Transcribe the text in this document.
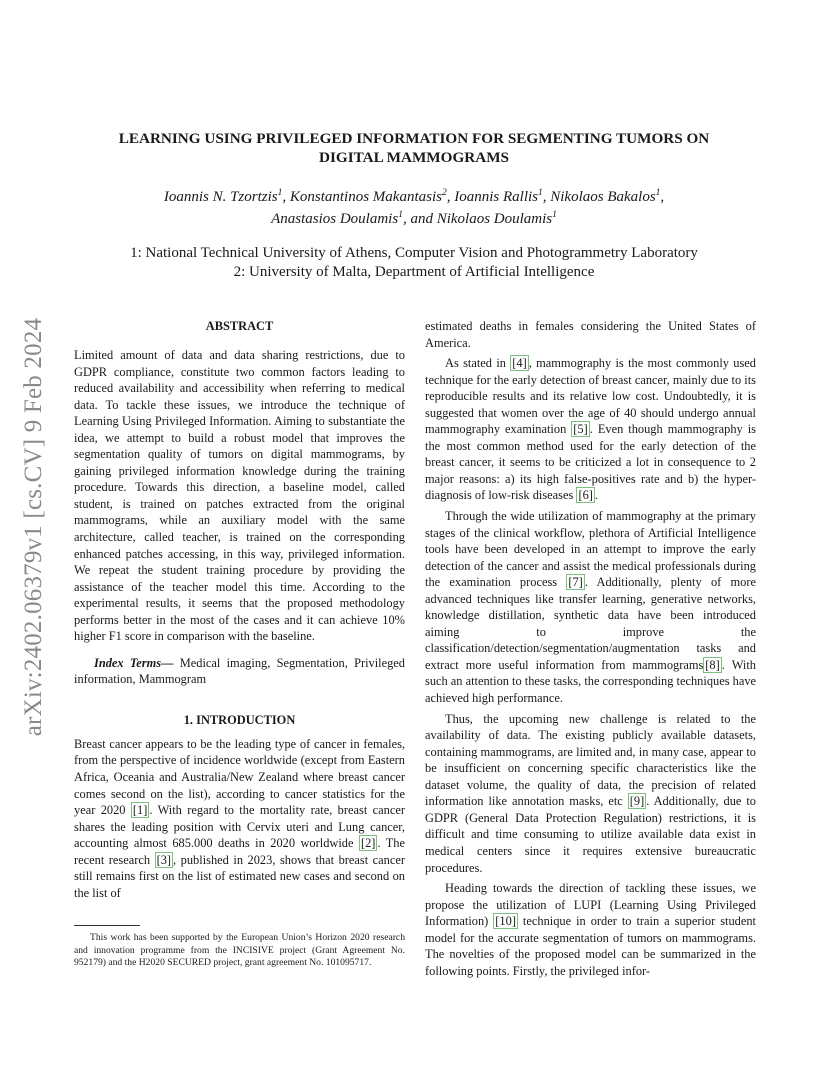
arXiv:2402.06379v1 [cs.CV] 9 Feb 2024
LEARNING USING PRIVILEGED INFORMATION FOR SEGMENTING TUMORS ON
DIGITAL MAMMOGRAMS
Ioannis N. Tzortzis$^1$, Konstantinos Makantasis$^2$, Ioannis Rallis$^1$, Nikolaos Bakalos$^1$,
Anastasios Doulamis$^1$, and Nikolaos Doulamis$^1$
1: National Technical University of Athens, Computer Vision and Photogrammetry Laboratory
2: University of Malta, Department of Artificial Intelligence
ABSTRACT

Limited amount of data and data sharing restrictions, due to GDPR compliance, constitute two common factors leading to reduced availability and accessibility when referring to medical data. To tackle these issues, we introduce the technique of Learning Using Privileged Information. Aiming to substantiate the idea, we attempt to build a robust model that improves the segmentation quality of tumors on digital mammograms, by gaining privileged information knowledge during the training procedure. Towards this direction, a baseline model, called student, is trained on patches extracted from the original mammograms, while an auxiliary model with the same architecture, called teacher, is trained on the corresponding enhanced patches accessing, in this way, privileged information. We repeat the student training procedure by providing the assistance of the teacher model this time. According to the experimental results, it seems that the proposed methodology performs better in the most of the cases and it can achieve 10% higher F1 score in comparison with the baseline.

Index Terms— Medical imaging, Segmentation, Privileged information, Mammogram

1. INTRODUCTION

Breast cancer appears to be the leading type of cancer in females, from the perspective of incidence worldwide (except from Eastern Africa, Oceania and Australia/New Zealand where breast cancer comes second on the list), according to cancer statistics for the year 2020 [1] . With regard to the mortality rate, breast cancer shares the leading position with Cervix uteri and Lung cancer, accounting almost 685.000 deaths in 2020 worldwide [2] . The recent research [3] , published in 2023, shows that breast cancer still remains first on the list of estimated new cases and second on the list of

This work has been supported by the European Union’s Horizon 2020 research and innovation programme from the INCISIVE project (Grant Agreement No. 952179) and the H2020 SECURED project, grant agreement No. 101095717.

estimated deaths in females considering the United States of America.

As stated in [4] , mammography is the most commonly used technique for the early detection of breast cancer, mainly due to its reproducible results and its relative low cost. Undoubtedly, it is suggested that women over the age of 40 should undergo annual mammography examination [5] . Even though mammography is the most common method used for the early detection of the breast cancer, it seems to be criticized a lot in consequence to 2 major reasons: a) its high false-positives rate and b) the hyper-diagnosis of low-risk diseases [6] .

Through the wide utilization of mammography at the primary stages of the clinical workflow, plethora of Artificial Intelligence tools have been developed in an attempt to improve the early detection of the cancer and assist the medical professionals during the examination process [7] . Additionally, plenty of more advanced techniques like transfer learning, generative networks, knowledge distillation, synthetic data have been introduced aiming to improve the classification/detection/segmentation/augmentation tasks and extract more useful information from mammograms [8] . With such an attention to these tasks, the corresponding techniques have achieved high performance.

Thus, the upcoming new challenge is related to the availability of data. The existing publicly available datasets, containing mammograms, are limited and, in many case, appear to be insufficient on concerning specific characteristics like the dataset volume, the quality of data, the precision of related information like annotation masks, etc [9] . Additionally, due to GDPR (General Data Protection Regulation) restrictions, it is difficult and time consuming to utilize available data exist in medical centers since it requires extensive bureaucratic procedures.

Heading towards the direction of tackling these issues, we propose the utilization of LUPI (Learning Using Privileged Information) [10] technique in order to train a superior student model for the accurate segmentation of tumors on mammograms. The novelties of the proposed model can be summarized in the following points. Firstly, the privileged infor-
